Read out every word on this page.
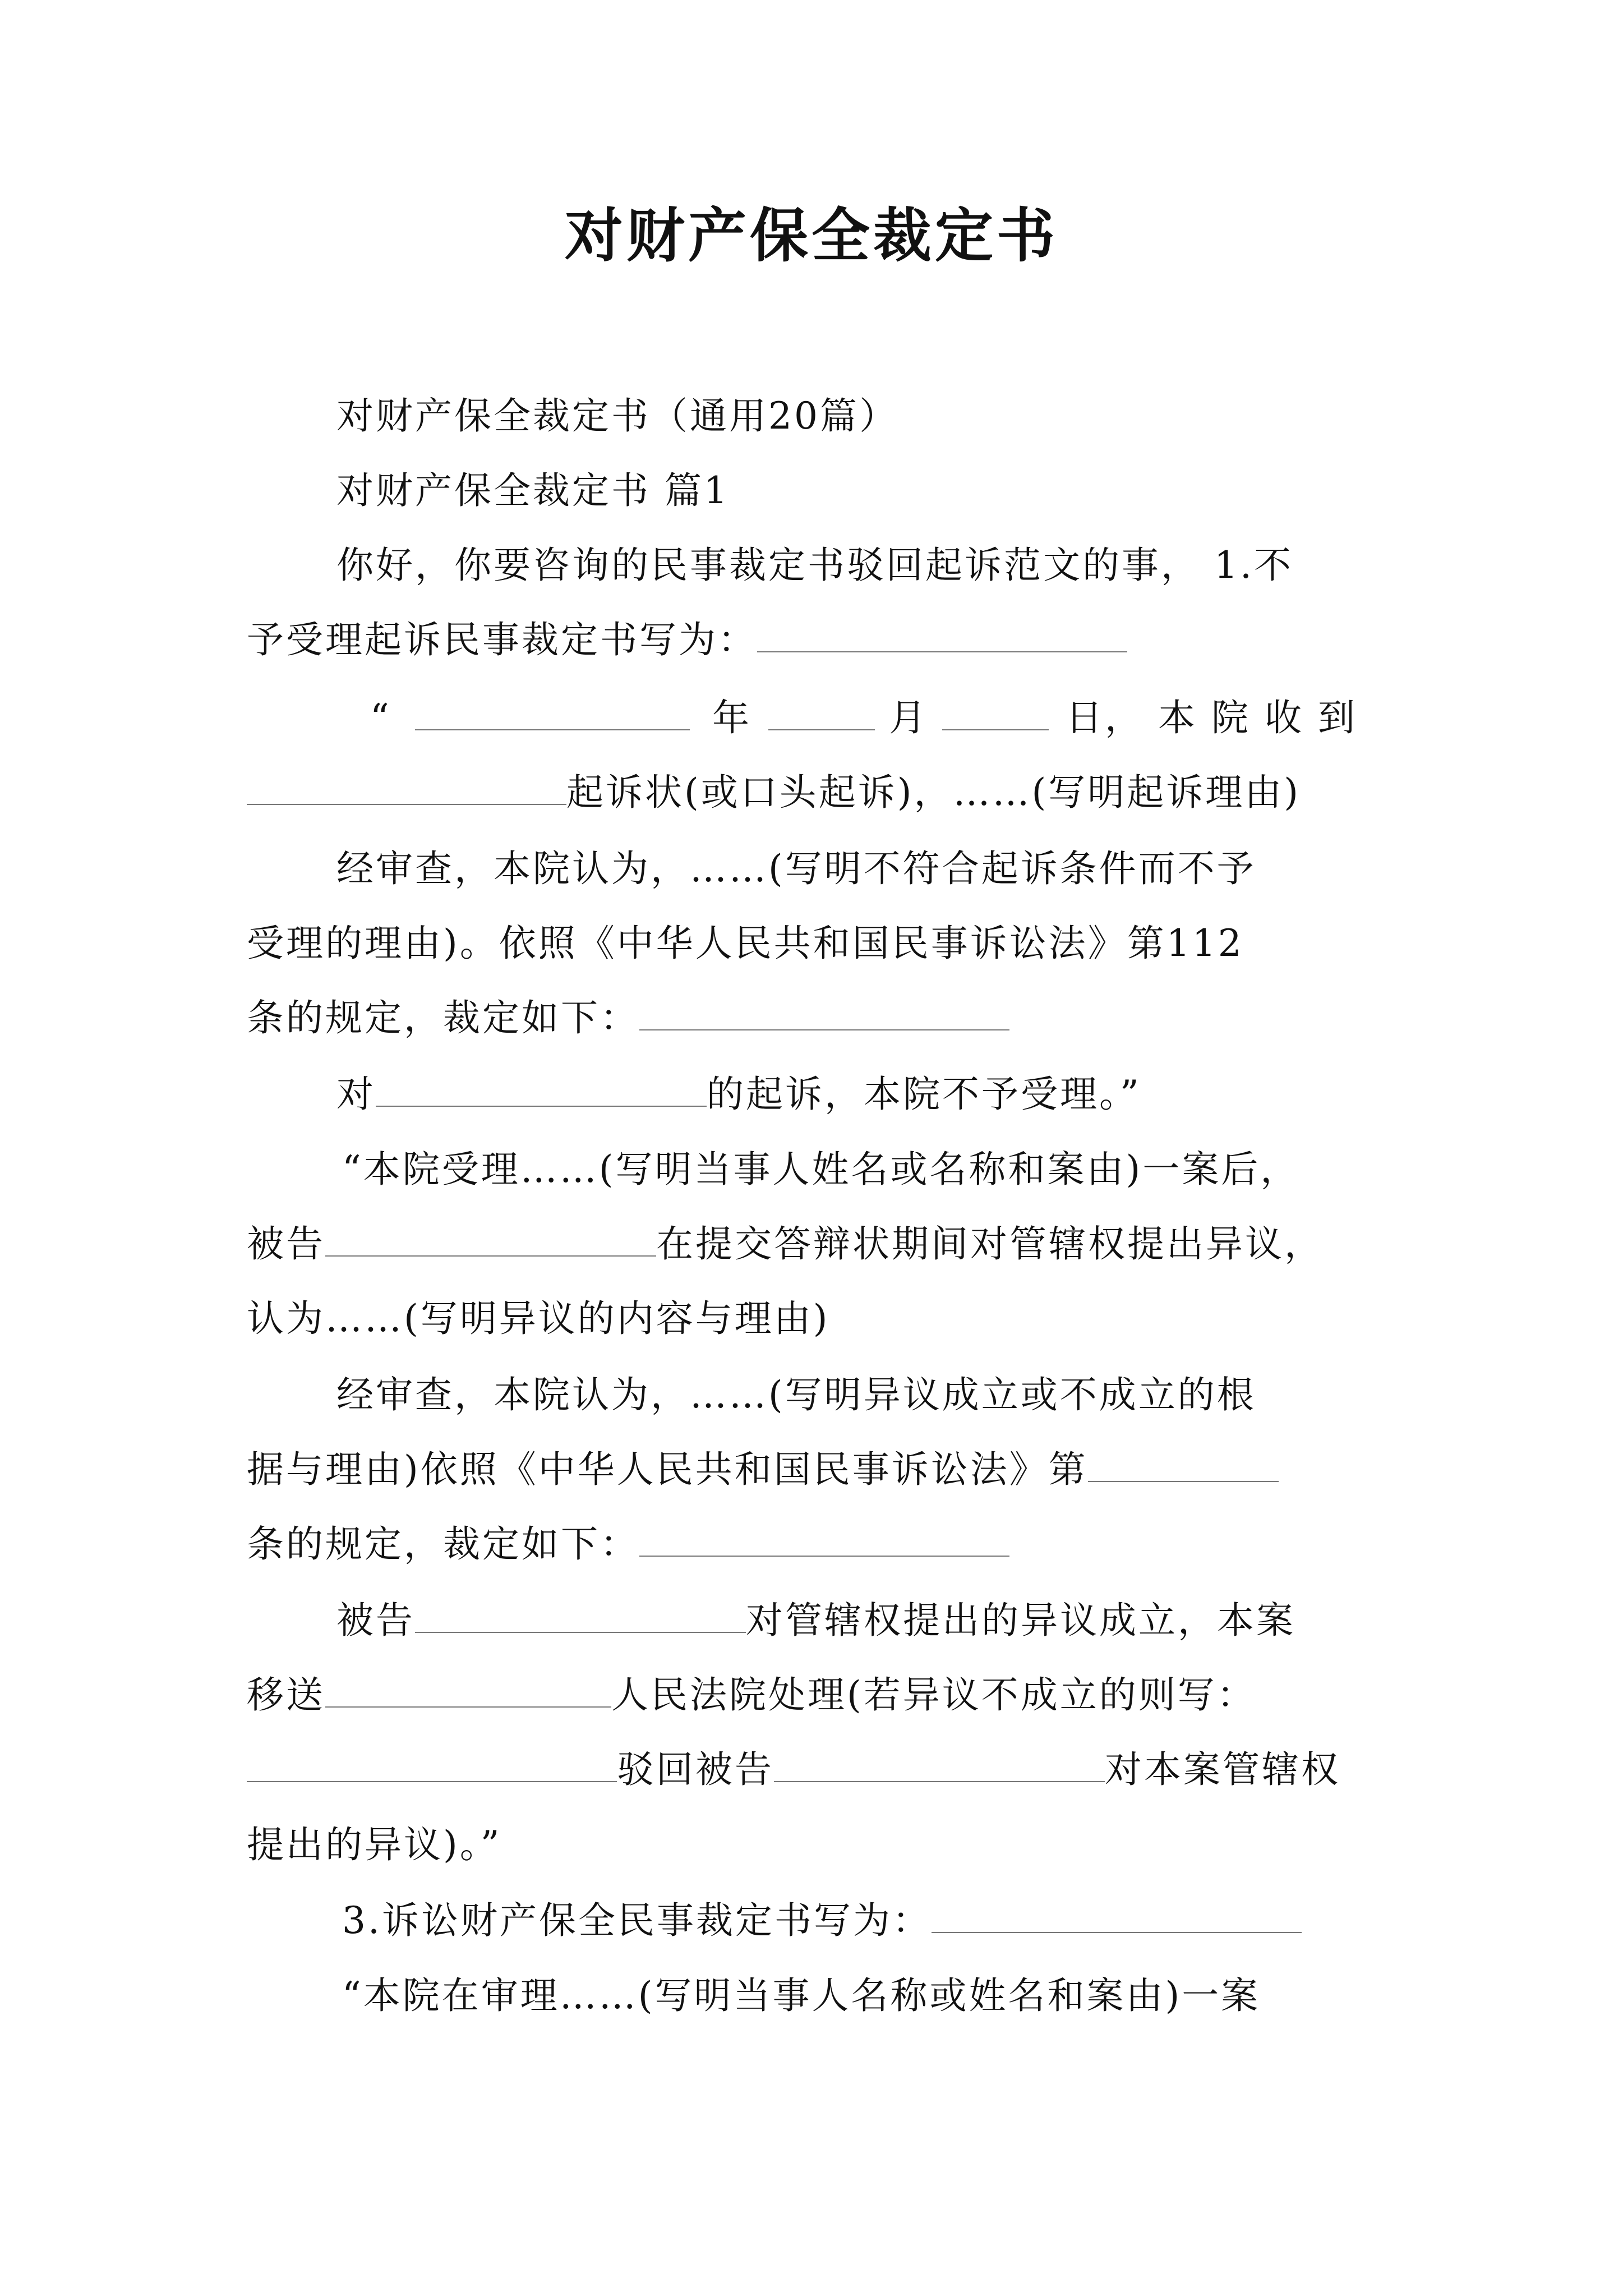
对财产保全裁定书
对财产保全裁定书（通用20篇）
对财产保全裁定书 篇1
你好，你要咨询的民事裁定书驳回起诉范文的事， 1.不
予受理起诉民事裁定书写为：
“	年	月	日， 本 院 收 到
起诉状(或口头起诉)，……(写明起诉理由)
经审查，本院认为，……(写明不符合起诉条件而不予
受理的理由)。依照《中华人民共和国民事诉讼法》第112
条的规定，裁定如下：
对	的起诉，本院不予受理。”
“本院受理……(写明当事人姓名或名称和案由)一案后，
被告	在提交答辩状期间对管辖权提出异议，
认为……(写明异议的内容与理由)
经审查，本院认为，……(写明异议成立或不成立的根
据与理由)依照《中华人民共和国民事诉讼法》第
条的规定，裁定如下：
被告	对管辖权提出的异议成立，本案
移送	人民法院处理(若异议不成立的则写：
驳回被告	对本案管辖权
提出的异议)。”
3.诉讼财产保全民事裁定书写为：
“本院在审理……(写明当事人名称或姓名和案由)一案
